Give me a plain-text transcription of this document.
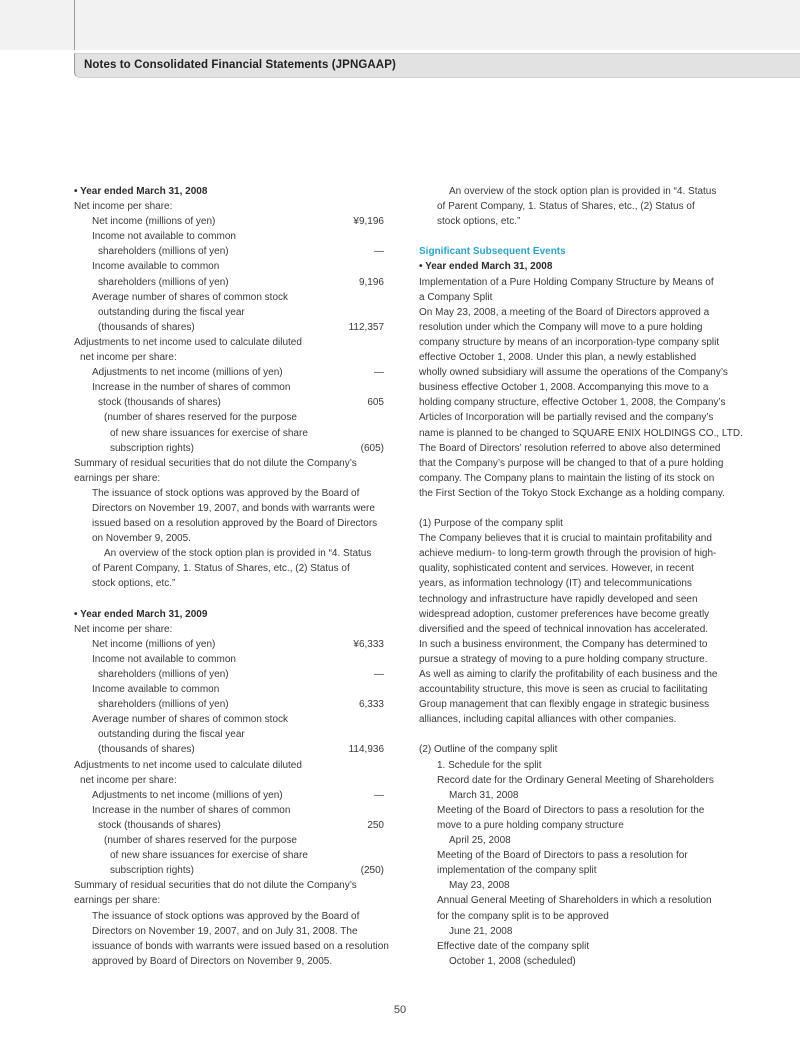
Notes to Consolidated Financial Statements (JPNGAAP)
• Year ended March 31, 2008
Net income per share:
Net income (millions of yen)	¥9,196
Income not available to common
shareholders (millions of yen)	—
Income available to common
shareholders (millions of yen)	9,196
Average number of shares of common stock
outstanding during the fiscal year
(thousands of shares)	112,357
Adjustments to net income used to calculate diluted
net income per share:
Adjustments to net income (millions of yen)	—
Increase in the number of shares of common
stock (thousands of shares)	605
(number of shares reserved for the purpose
of new share issuances for exercise of share
subscription rights)	(605)
Summary of residual securities that do not dilute the Company’s
earnings per share:
The issuance of stock options was approved by the Board of
Directors on November 19, 2007, and bonds with warrants were
issued based on a resolution approved by the Board of Directors
on November 9, 2005.
An overview of the stock option plan is provided in “4. Status
of Parent Company, 1. Status of Shares, etc., (2) Status of
stock options, etc.”
• Year ended March 31, 2009
Net income per share:
Net income (millions of yen)	¥6,333
Income not available to common
shareholders (millions of yen)	—
Income available to common
shareholders (millions of yen)	6,333
Average number of shares of common stock
outstanding during the fiscal year
(thousands of shares)	114,936
Adjustments to net income used to calculate diluted
net income per share:
Adjustments to net income (millions of yen)	—
Increase in the number of shares of common
stock (thousands of shares)	250
(number of shares reserved for the purpose
of new share issuances for exercise of share
subscription rights)	(250)
Summary of residual securities that do not dilute the Company’s
earnings per share:
The issuance of stock options was approved by the Board of
Directors on November 19, 2007, and on July 31, 2008. The
issuance of bonds with warrants were issued based on a resolution
approved by Board of Directors on November 9, 2005.
An overview of the stock option plan is provided in “4. Status
of Parent Company, 1. Status of Shares, etc., (2) Status of
stock options, etc.”
Significant Subsequent Events
• Year ended March 31, 2008
Implementation of a Pure Holding Company Structure by Means of
a Company Split
On May 23, 2008, a meeting of the Board of Directors approved a
resolution under which the Company will move to a pure holding
company structure by means of an incorporation-type company split
effective October 1, 2008. Under this plan, a newly established
wholly owned subsidiary will assume the operations of the Company’s
business effective October 1, 2008. Accompanying this move to a
holding company structure, effective October 1, 2008, the Company’s
Articles of Incorporation will be partially revised and the company’s
name is planned to be changed to SQUARE ENIX HOLDINGS CO., LTD.
The Board of Directors’ resolution referred to above also determined
that the Company’s purpose will be changed to that of a pure holding
company. The Company plans to maintain the listing of its stock on
the First Section of the Tokyo Stock Exchange as a holding company.
(1) Purpose of the company split
The Company believes that it is crucial to maintain profitability and
achieve medium- to long-term growth through the provision of high-
quality, sophisticated content and services. However, in recent
years, as information technology (IT) and telecommunications
technology and infrastructure have rapidly developed and seen
widespread adoption, customer preferences have become greatly
diversified and the speed of technical innovation has accelerated.
In such a business environment, the Company has determined to
pursue a strategy of moving to a pure holding company structure.
As well as aiming to clarify the profitability of each business and the
accountability structure, this move is seen as crucial to facilitating
Group management that can flexibly engage in strategic business
alliances, including capital alliances with other companies.
(2) Outline of the company split
1. Schedule for the split
Record date for the Ordinary General Meeting of Shareholders
March 31, 2008
Meeting of the Board of Directors to pass a resolution for the
move to a pure holding company structure
April 25, 2008
Meeting of the Board of Directors to pass a resolution for
implementation of the company split
May 23, 2008
Annual General Meeting of Shareholders in which a resolution
for the company split is to be approved
June 21, 2008
Effective date of the company split
October 1, 2008 (scheduled)
50
